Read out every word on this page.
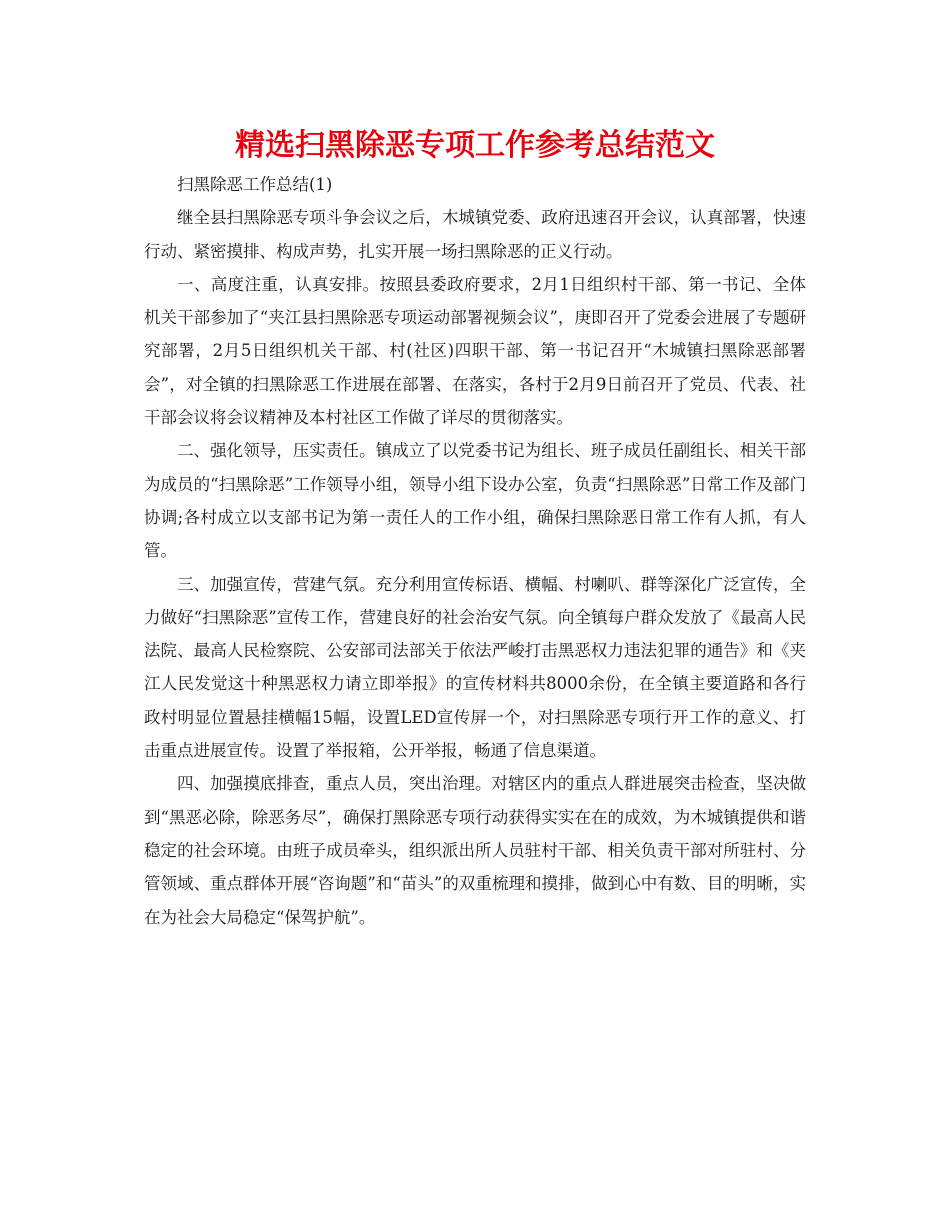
精选扫黑除恶专项工作参考总结范文

扫黑除恶工作总结(1)

继全县扫黑除恶专项斗争会议之后，木城镇党委、政府迅速召开会议，认真部署，快速行动、紧密摸排、构成声势，扎实开展一场扫黑除恶的正义行动。

一、高度注重，认真安排。按照县委政府要求，2月1日组织村干部、第一书记、全体机关干部参加了“夹江县扫黑除恶专项运动部署视频会议”，庚即召开了党委会进展了专题研究部署，2月5日组织机关干部、村(社区)四职干部、第一书记召开“木城镇扫黑除恶部署会”，对全镇的扫黑除恶工作进展在部署、在落实，各村于2月9日前召开了党员、代表、社干部会议将会议精神及本村社区工作做了详尽的贯彻落实。

二、强化领导，压实责任。镇成立了以党委书记为组长、班子成员任副组长、相关干部为成员的“扫黑除恶”工作领导小组，领导小组下设办公室，负责“扫黑除恶”日常工作及部门协调;各村成立以支部书记为第一责任人的工作小组，确保扫黑除恶日常工作有人抓，有人管。

三、加强宣传，营建气氛。充分利用宣传标语、横幅、村喇叭、群等深化广泛宣传，全力做好“扫黑除恶”宣传工作，营建良好的社会治安气氛。向全镇每户群众发放了《最高人民法院、最高人民检察院、公安部司法部关于依法严峻打击黑恶权力违法犯罪的通告》和《夹江人民发觉这十种黑恶权力请立即举报》的宣传材料共8000余份，在全镇主要道路和各行政村明显位置悬挂横幅15幅，设置LED宣传屏一个，对扫黑除恶专项行开工作的意义、打击重点进展宣传。设置了举报箱，公开举报，畅通了信息渠道。

四、加强摸底排查，重点人员，突出治理。对辖区内的重点人群进展突击检查，坚决做到“黑恶必除，除恶务尽”，确保打黑除恶专项行动获得实实在在的成效，为木城镇提供和谐稳定的社会环境。由班子成员牵头，组织派出所人员驻村干部、相关负责干部对所驻村、分管领域、重点群体开展“咨询题”和“苗头”的双重梳理和摸排，做到心中有数、目的明晰，实在为社会大局稳定“保驾护航”。
